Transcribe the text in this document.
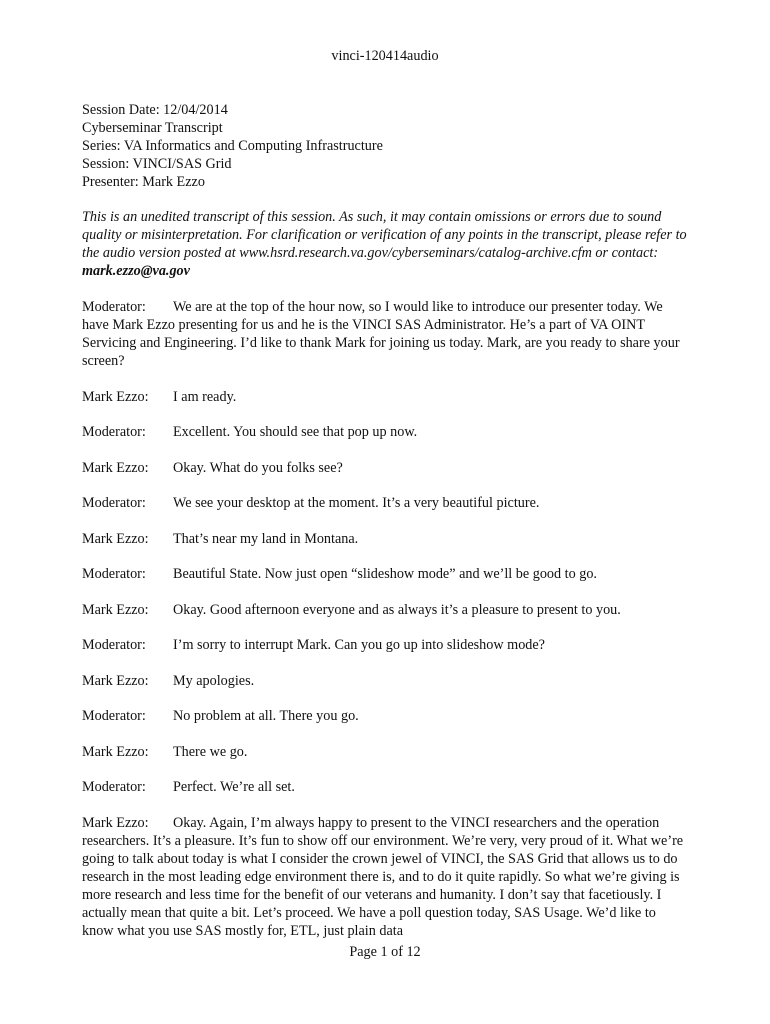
vinci-120414audio
Session Date: 12/04/2014
Cyberseminar Transcript
Series: VA Informatics and Computing Infrastructure
Session: VINCI/SAS Grid
Presenter: Mark Ezzo
This is an unedited transcript of this session. As such, it may contain omissions or errors due to sound quality or misinterpretation. For clarification or verification of any points in the transcript, please refer to the audio version posted at www.hsrd.research.va.gov/cyberseminars/catalog-archive.cfm or contact: mark.ezzo@va.gov
Moderator: We are at the top of the hour now, so I would like to introduce our presenter today. We have Mark Ezzo presenting for us and he is the VINCI SAS Administrator. He’s a part of VA OINT Servicing and Engineering. I’d like to thank Mark for joining us today. Mark, are you ready to share your screen?
Mark Ezzo: I am ready.
Moderator: Excellent. You should see that pop up now.
Mark Ezzo: Okay. What do you folks see?
Moderator: We see your desktop at the moment. It’s a very beautiful picture.
Mark Ezzo: That’s near my land in Montana.
Moderator: Beautiful State. Now just open “slideshow mode” and we’ll be good to go.
Mark Ezzo: Okay. Good afternoon everyone and as always it’s a pleasure to present to you.
Moderator: I’m sorry to interrupt Mark. Can you go up into slideshow mode?
Mark Ezzo: My apologies.
Moderator: No problem at all. There you go.
Mark Ezzo: There we go.
Moderator: Perfect. We’re all set.
Mark Ezzo: Okay. Again, I’m always happy to present to the VINCI researchers and the operation researchers. It’s a pleasure. It’s fun to show off our environment. We’re very, very proud of it. What we’re going to talk about today is what I consider the crown jewel of VINCI, the SAS Grid that allows us to do research in the most leading edge environment there is, and to do it quite rapidly. So what we’re giving is more research and less time for the benefit of our veterans and humanity. I don’t say that facetiously. I actually mean that quite a bit. Let’s proceed. We have a poll question today, SAS Usage. We’d like to know what you use SAS mostly for, ETL, just plain data
Page 1 of 12
